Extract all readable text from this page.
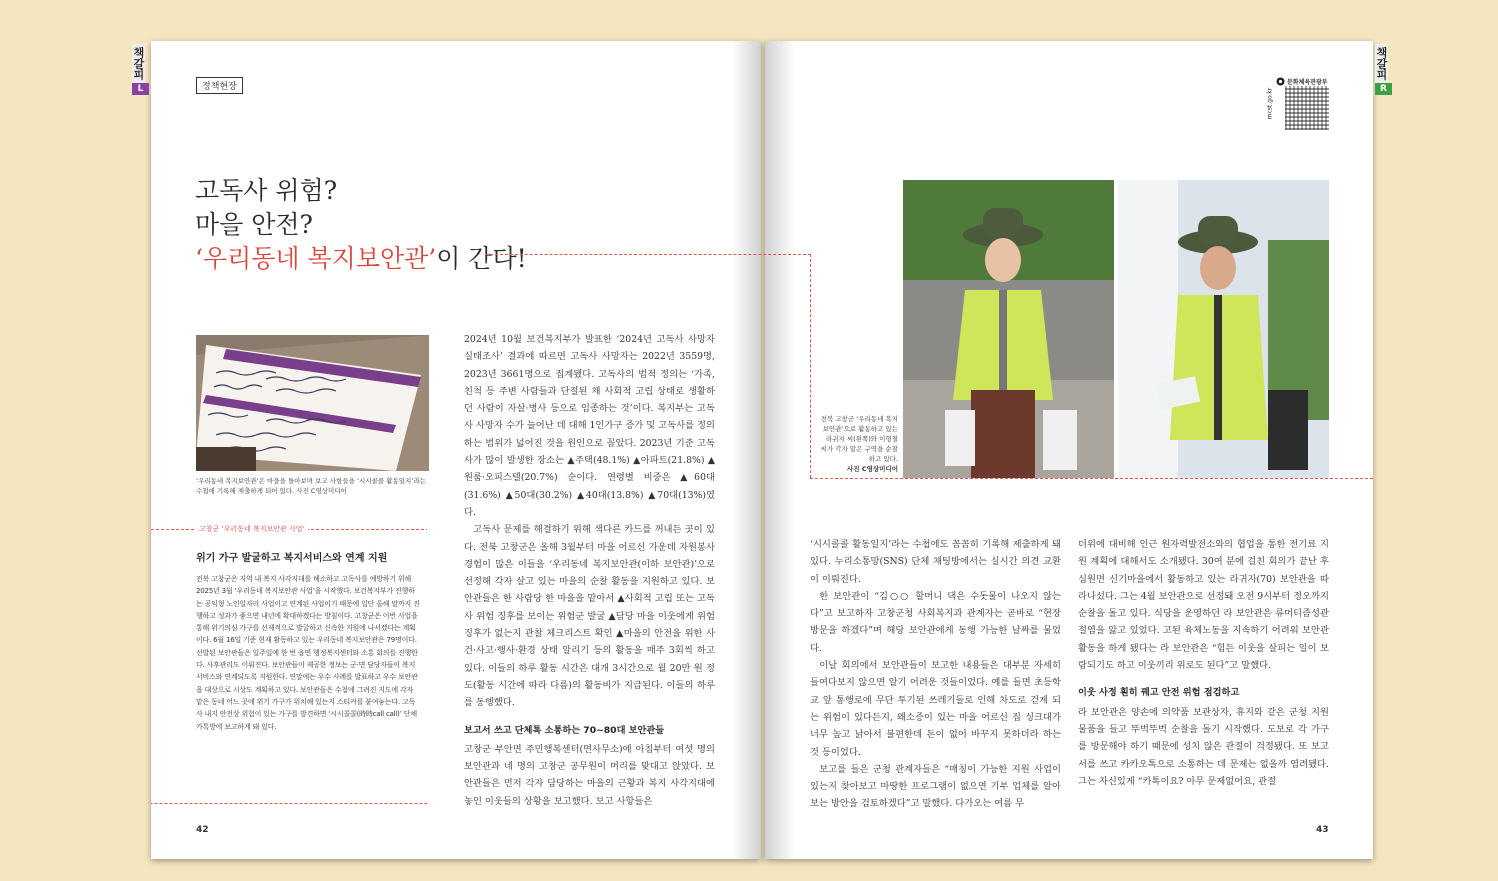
책갈피
L
책갈피
R
정책현장	문화체육관광부
mcst.go.kr
고독사 위험?
마을 안전?
‘우리동네 복지보안관’이 간다!
‘우리동네 복지보안관’은 마을을 돌아보며 보고 사항들을 ‘시시콜콜 활동일지’라는 수첩에 기록해 제출하게 되어 있다. 사진 C영상미디어
전북 고창군 ‘우리동네 복지보안관’으로 활동하고 있는 라귀자 씨(왼쪽)와 이형철 씨가 각자 맡은 구역을 순찰하고 있다.
사진 C영상미디어
고창군 ‘우리동네 복지보안관 사업’
위기 가구 발굴하고 복지서비스와 연계 지원
전북 고창군은 지역 내 복지 사각지대를 해소하고 고독사를 예방하기 위해 2025년 3월 ‘우리동네 복지보안관 사업’을 시작했다. 보건복지부가 진행하는 공익형 노인일자리 사업이고 연계된 사업이기 때문에 일단 올해 말까지 진행하고 성과가 좋으면 내년에 확대하겠다는 방침이다. 고창군은 이번 사업을 통해 위기의심 가구를 선제적으로 발굴하고 신속한 지원에 나서겠다는 계획이다. 6월 16일 기준 현재 활동하고 있는 우리동네 복지보안관은 79명이다. 선발된 보안관들은 일주일에 한 번 읍면 행정복지센터와 소통 회의를 진행한다. 사후관리도 이뤄진다. 보안관들이 제공한 정보는 군·면 담당자들이 복지서비스와 연계되도록 지원한다. 연말에는 우수 사례를 발표하고 우수 보안관을 대상으로 시상도 계획하고 있다. 보안관들은 수첩에 그려진 지도에 각자 맡은 동네 어느 곳에 위기 가구가 위치해 있는지 스티커를 붙여놓는다. 고독사 내지 안전상 위험이 있는 가구를 발견하면 ‘시시콜콜(時時call call)’ 단체 카톡방에 보고하게 돼 있다.

2024년 10월 보건복지부가 발표한 ‘2024년 고독사 사망자 실태조사’ 결과에 따르면 고독사 사망자는 2022년 3559명, 2023년 3661명으로 집계됐다. 고독사의 법적 정의는 ‘가족, 친척 등 주변 사람들과 단절된 채 사회적 고립 상태로 생활하던 사람이 자살·병사 등으로 임종하는 것’이다. 복지부는 고독사 사망자 수가 늘어난 데 대해 1인가구 증가 및 고독사를 정의하는 범위가 넓어진 것을 원인으로 꼽았다. 2023년 기준 고독사가 많이 발생한 장소는 ▲주택(48.1%) ▲아파트(21.8%) ▲원룸·오피스텔(20.7%) 순이다. 연령별 비중은 ▲60대(31.6%) ▲50대(30.2%) ▲40대(13.8%) ▲70대(13%)였다.

고독사 문제를 해결하기 위해 색다른 카드를 꺼내든 곳이 있다. 전북 고창군은 올해 3월부터 마을 어르신 가운데 자원봉사 경험이 많은 이들을 ‘우리동네 복지보안관(이하 보안관)’으로 선정해 각자 살고 있는 마을의 순찰 활동을 지원하고 있다. 보안관들은 한 사람당 한 마을을 맡아서 ▲사회적 고립 또는 고독사 위험 징후를 보이는 위험군 발굴 ▲담당 마을 이웃에게 위험 징후가 없는지 관찰 체크리스트 확인 ▲마을의 안전을 위한 사건·사고·행사·환경 상태 알리기 등의 활동을 매주 3회씩 하고 있다. 이들의 하루 활동 시간은 대개 3시간으로 월 20만 원 정도(활동 시간에 따라 다름)의 활동비가 지급된다. 이들의 하루를 동행했다.

보고서 쓰고 단체톡 소통하는 70~80대 보안관들

고창군 부안면 주민행복센터(면사무소)에 아침부터 여섯 명의 보안관과 네 명의 고창군 공무원이 머리를 맞대고 앉았다. 보안관들은 먼저 각자 담당하는 마을의 근황과 복지 사각지대에 놓인 이웃들의 상황을 보고했다. 보고 사항들은

‘시시콜콜 활동일지’라는 수첩에도 꼼꼼히 기록해 제출하게 돼 있다. 누리소통망(SNS) 단체 채팅방에서는 실시간 의견 교환이 이뤄진다.

한 보안관이 “김○○ 할머니 댁은 수돗물이 나오지 않는다”고 보고하자 고창군청 사회복지과 관계자는 곧바로 “현장방문을 하겠다”며 해당 보안관에게 동행 가능한 날짜를 물었다.

이날 회의에서 보안관들이 보고한 내용들은 대부분 자세히 들여다보지 않으면 알기 어려운 것들이었다. 예를 들면 초등학교 앞 통행로에 무단 투기된 쓰레기들로 인해 차도로 걷게 되는 위험이 있다든지, 왜소증이 있는 마을 어르신 집 싱크대가 너무 높고 낡아서 불편한데 돈이 없어 바꾸지 못하더라 하는 것 등이었다.

보고를 들은 군청 관계자들은 “매칭이 가능한 지원 사업이 있는지 찾아보고 마땅한 프로그램이 없으면 기부 업체를 알아보는 방안을 검토하겠다”고 말했다. 다가오는 여름 무

더위에 대비해 인근 원자력발전소와의 협업을 통한 전기료 지원 계획에 대해서도 소개됐다. 30여 분에 걸친 회의가 끝난 후 심원면 신기마을에서 활동하고 있는 라귀자(70) 보안관을 따라나섰다. 그는 4월 보안관으로 선정돼 오전 9시부터 정오까지 순찰을 돌고 있다. 식당을 운영하던 라 보안관은 류머티즘성관절염을 앓고 있었다. 고된 육체노동을 지속하기 어려워 보안관 활동을 하게 됐다는 라 보안관은 “힘든 이웃을 살피는 일이 보람되기도 하고 이웃끼리 위로도 된다”고 말했다.

이웃 사정 훤히 꿰고 안전 위험 점검하고

라 보안관은 양손에 의약품 보관상자, 휴지와 같은 군청 지원물품을 들고 뚜벅뚜벅 순찰을 돌기 시작했다. 도보로 각 가구를 방문해야 하기 때문에 성치 않은 관절이 걱정됐다. 또 보고서를 쓰고 카카오톡으로 소통하는 데 문제는 없을까 염려됐다. 그는 자신있게 “카톡이요? 아무 문제없어요, 관절

42	43
